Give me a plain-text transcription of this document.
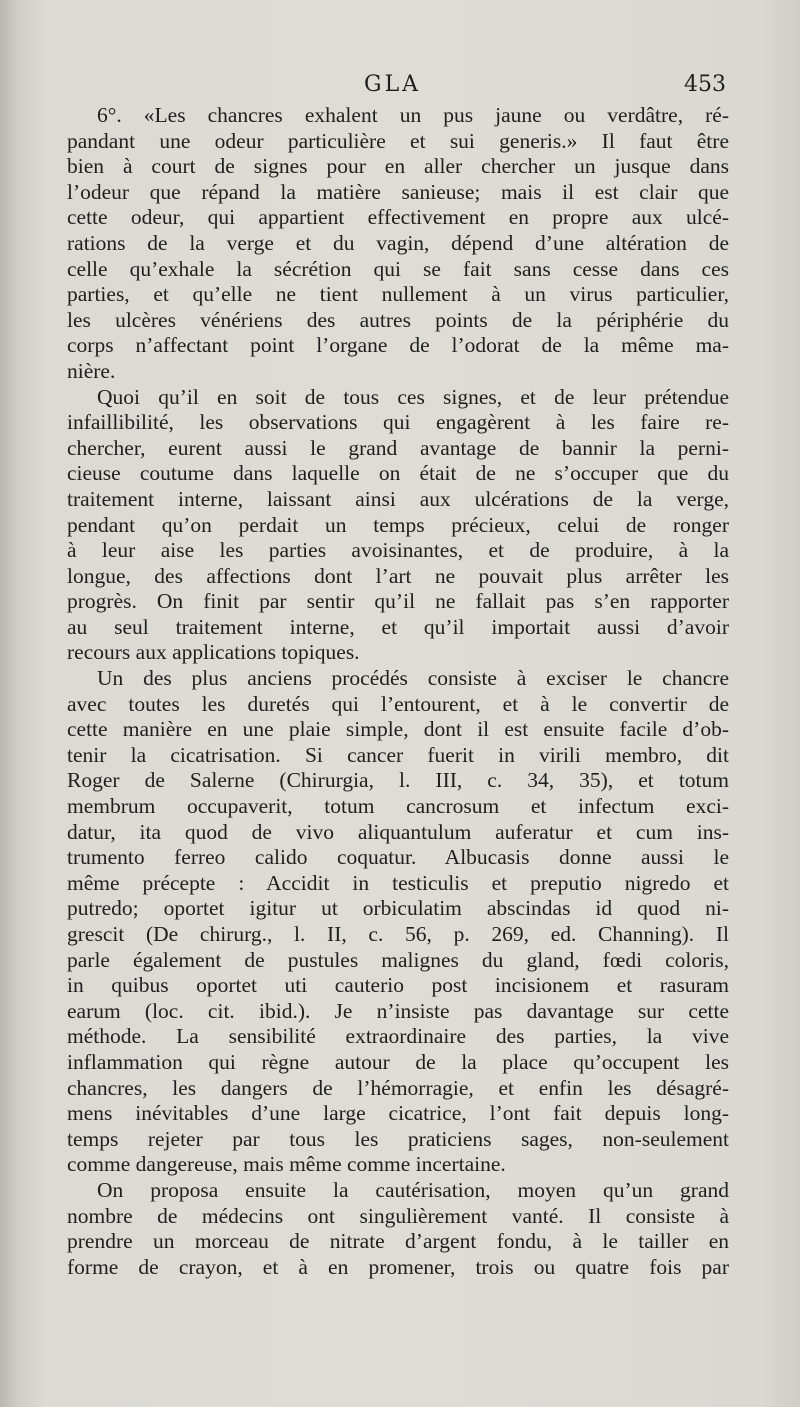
GLA	453
6°. «Les chancres exhalent un pus jaune ou verdâtre, ré-
pandant une odeur particulière et sui generis.» Il faut être
bien à court de signes pour en aller chercher un jusque dans
l’odeur que répand la matière sanieuse; mais il est clair que
cette odeur, qui appartient effectivement en propre aux ulcé-
rations de la verge et du vagin, dépend d’une altération de
celle qu’exhale la sécrétion qui se fait sans cesse dans ces
parties, et qu’elle ne tient nullement à un virus particulier,
les ulcères vénériens des autres points de la périphérie du
corps n’affectant point l’organe de l’odorat de la même ma-
nière.
Quoi qu’il en soit de tous ces signes, et de leur prétendue
infaillibilité, les observations qui engagèrent à les faire re-
chercher, eurent aussi le grand avantage de bannir la perni-
cieuse coutume dans laquelle on était de ne s’occuper que du
traitement interne, laissant ainsi aux ulcérations de la verge,
pendant qu’on perdait un temps précieux, celui de ronger
à leur aise les parties avoisinantes, et de produire, à la
longue, des affections dont l’art ne pouvait plus arrêter les
progrès. On finit par sentir qu’il ne fallait pas s’en rapporter
au seul traitement interne, et qu’il importait aussi d’avoir
recours aux applications topiques.
Un des plus anciens procédés consiste à exciser le chancre
avec toutes les duretés qui l’entourent, et à le convertir de
cette manière en une plaie simple, dont il est ensuite facile d’ob-
tenir la cicatrisation. Si cancer fuerit in virili membro, dit
Roger de Salerne (Chirurgia, l. III, c. 34, 35), et totum
membrum occupaverit, totum cancrosum et infectum exci-
datur, ita quod de vivo aliquantulum auferatur et cum ins-
trumento ferreo calido coquatur. Albucasis donne aussi le
même précepte : Accidit in testiculis et preputio nigredo et
putredo; oportet igitur ut orbiculatim abscindas id quod ni-
grescit (De chirurg., l. II, c. 56, p. 269, ed. Channing). Il
parle également de pustules malignes du gland, fœdi coloris,
in quibus oportet uti cauterio post incisionem et rasuram
earum (loc. cit. ibid.). Je n’insiste pas davantage sur cette
méthode. La sensibilité extraordinaire des parties, la vive
inflammation qui règne autour de la place qu’occupent les
chancres, les dangers de l’hémorragie, et enfin les désagré-
mens inévitables d’une large cicatrice, l’ont fait depuis long-
temps rejeter par tous les praticiens sages, non-seulement
comme dangereuse, mais même comme incertaine.
On proposa ensuite la cautérisation, moyen qu’un grand
nombre de médecins ont singulièrement vanté. Il consiste à
prendre un morceau de nitrate d’argent fondu, à le tailler en
forme de crayon, et à en promener, trois ou quatre fois par
